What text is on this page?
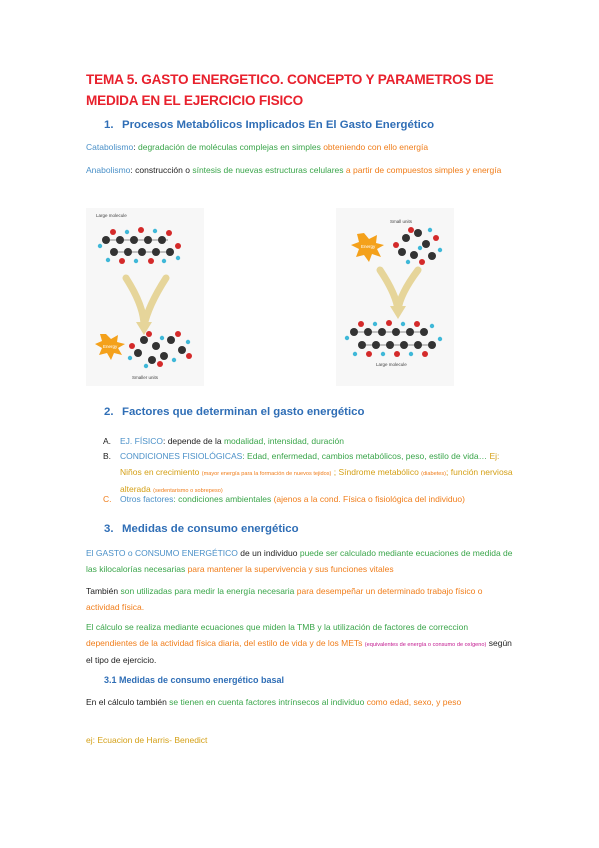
TEMA 5. GASTO ENERGETICO. CONCEPTO Y PARAMETROS DE MEDIDA EN EL EJERCICIO FISICO
1. Procesos Metabólicos Implicados En El Gasto Energético
Catabolismo: degradación de moléculas complejas en simples obteniendo con ello energía
Anabolismo: construcción o síntesis de nuevas estructuras celulares a partir de compuestos simples y energía
Large molecule
Energy
Smaller units
Small units
Energy
Large molecule
2. Factores que determinan el gasto energético
A.	EJ. FÍSICO: depende de la modalidad, intensidad, duración
B.	CONDICIONES FISIOLÓGICAS: Edad, enfermedad, cambios metabólicos, peso, estilo de vida… Ej: Niños en crecimiento (mayor energía para la formación de nuevos tejidos) ; Síndrome metabólico (diabetes); función nerviosa alterada (sedentarismo o sobrepeso)
C.	Otros factores: condiciones ambientales (ajenos a la cond. Física o fisiológica del individuo)
3. Medidas de consumo energético
El GASTO o CONSUMO ENERGÉTICO de un individuo puede ser calculado mediante ecuaciones de medida de las kilocalorías necesarias para mantener la supervivencia y sus funciones vitales
También son utilizadas para medir la energía necesaria para desempeñar un determinado trabajo físico o actividad física.
El cálculo se realiza mediante ecuaciones que miden la TMB y la utilización de factores de correccion dependientes de la actividad física diaria, del estilo de vida y de los METs (equivalentes de energía o consumo de oxígeno) según el tipo de ejercicio.
3.1 Medidas de consumo energético basal
En el cálculo también se tienen en cuenta factores intrínsecos al individuo como edad, sexo, y peso
ej: Ecuacion de Harris- Benedict
